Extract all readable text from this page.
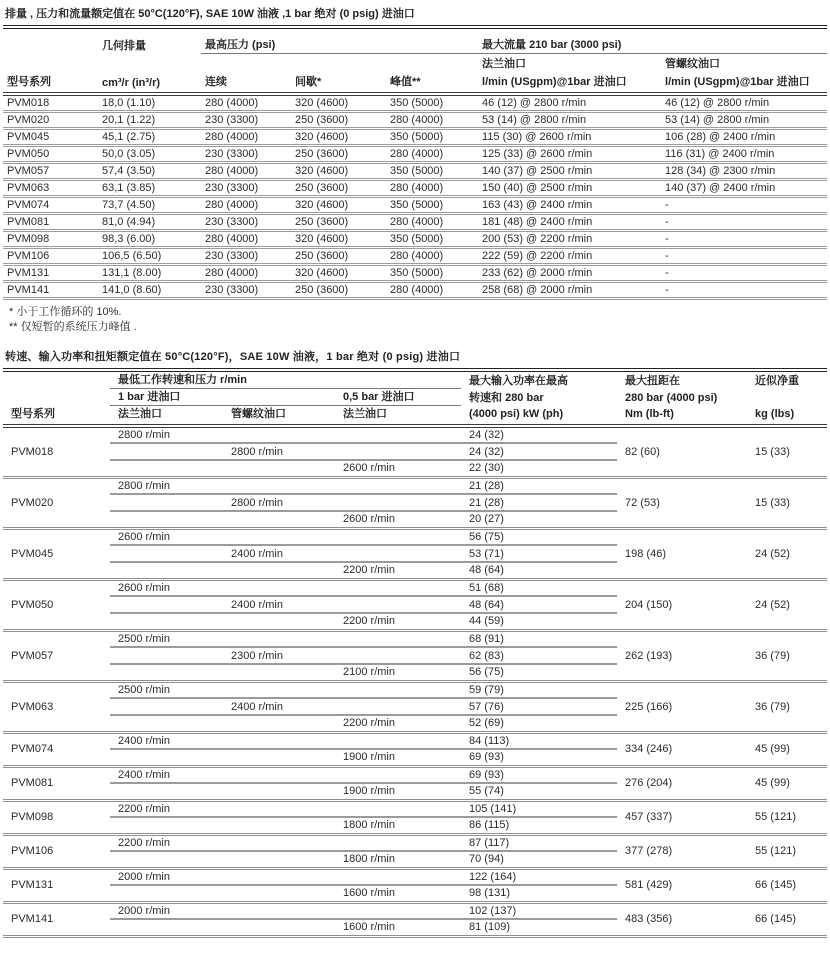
排量 , 压力和流量额定值在 50°C(120°F), SAE 10W 油液 ,1 bar 绝对 (0 psig) 进油口
	几何排量	最高压力 (psi)			最大流量 210 bar (3000 psi)	
					法兰油口	管螺纹油口
型号系列	cm³/r (in³/r)	连续	间歇*	峰值**	l/min (USgpm)@1bar 进油口	l/min (USgpm)@1bar 进油口
PVM018	18,0 (1.10)	280 (4000)	320 (4600)	350 (5000)	46 (12) @ 2800 r/min	46 (12) @ 2800 r/min
PVM020	20,1 (1.22)	230 (3300)	250 (3600)	280 (4000)	53 (14) @ 2800 r/min	53 (14) @ 2800 r/min
PVM045	45,1 (2.75)	280 (4000)	320 (4600)	350 (5000)	115 (30) @ 2600 r/min	106 (28) @ 2400 r/min
PVM050	50,0 (3.05)	230 (3300)	250 (3600)	280 (4000)	125 (33) @ 2600 r/min	116 (31) @ 2400 r/min
PVM057	57,4 (3.50)	280 (4000)	320 (4600)	350 (5000)	140 (37) @ 2500 r/min	128 (34) @ 2300 r/min
PVM063	63,1 (3.85)	230 (3300)	250 (3600)	280 (4000)	150 (40) @ 2500 r/min	140 (37) @ 2400 r/min
PVM074	73,7 (4.50)	280 (4000)	320 (4600)	350 (5000)	163 (43) @ 2400 r/min	-
PVM081	81,0 (4.94)	230 (3300)	250 (3600)	280 (4000)	181 (48) @ 2400 r/min	-
PVM098	98,3 (6.00)	280 (4000)	320 (4600)	350 (5000)	200 (53) @ 2200 r/min	-
PVM106	106,5 (6.50)	230 (3300)	250 (3600)	280 (4000)	222 (59) @ 2200 r/min	-
PVM131	131,1 (8.00)	280 (4000)	320 (4600)	350 (5000)	233 (62) @ 2000 r/min	-
PVM141	141,0 (8.60)	230 (3300)	250 (3600)	280 (4000)	258 (68) @ 2000 r/min	-
* 小于工作循环的 10%.
** 仅短暂的系统压力峰值 .
转速、输入功率和扭矩额定值在 50°C(120°F)，SAE 10W 油液，1 bar 绝对 (0 psig) 进油口
	最低工作转速和压力 r/min			最大输入功率在最高	最大扭距在	近似净重
	1 bar 进油口		0,5 bar 进油口	转速和 280 bar	280 bar (4000 psi)	
型号系列	法兰油口	管螺纹油口	法兰油口	(4000 psi) kW (ph)	Nm (lb-ft)	kg (lbs)
PVM018	2800 r/min			24 (32)	82 (60)	15 (33)
		2800 r/min		24 (32)		
			2600 r/min	22 (30)		
PVM020	2800 r/min			21 (28)	72 (53)	15 (33)
		2800 r/min		21 (28)		
			2600 r/min	20 (27)		
PVM045	2600 r/min			56 (75)	198 (46)	24 (52)
		2400 r/min		53 (71)		
			2200 r/min	48 (64)		
PVM050	2600 r/min			51 (68)	204 (150)	24 (52)
		2400 r/min		48 (64)		
			2200 r/min	44 (59)		
PVM057	2500 r/min			68 (91)	262 (193)	36 (79)
		2300 r/min		62 (83)		
			2100 r/min	56 (75)		
PVM063	2500 r/min			59 (79)	225 (166)	36 (79)
		2400 r/min		57 (76)		
			2200 r/min	52 (69)		
PVM074	2400 r/min			84 (113)	334 (246)	45 (99)
			1900 r/min	69 (93)		
PVM081	2400 r/min			69 (93)	276 (204)	45 (99)
			1900 r/min	55 (74)		
PVM098	2200 r/min			105 (141)	457 (337)	55 (121)
			1800 r/min	86 (115)		
PVM106	2200 r/min			87 (117)	377 (278)	55 (121)
			1800 r/min	70 (94)		
PVM131	2000 r/min			122 (164)	581 (429)	66 (145)
			1600 r/min	98 (131)		
PVM141	2000 r/min			102 (137)	483 (356)	66 (145)
			1600 r/min	81 (109)		
